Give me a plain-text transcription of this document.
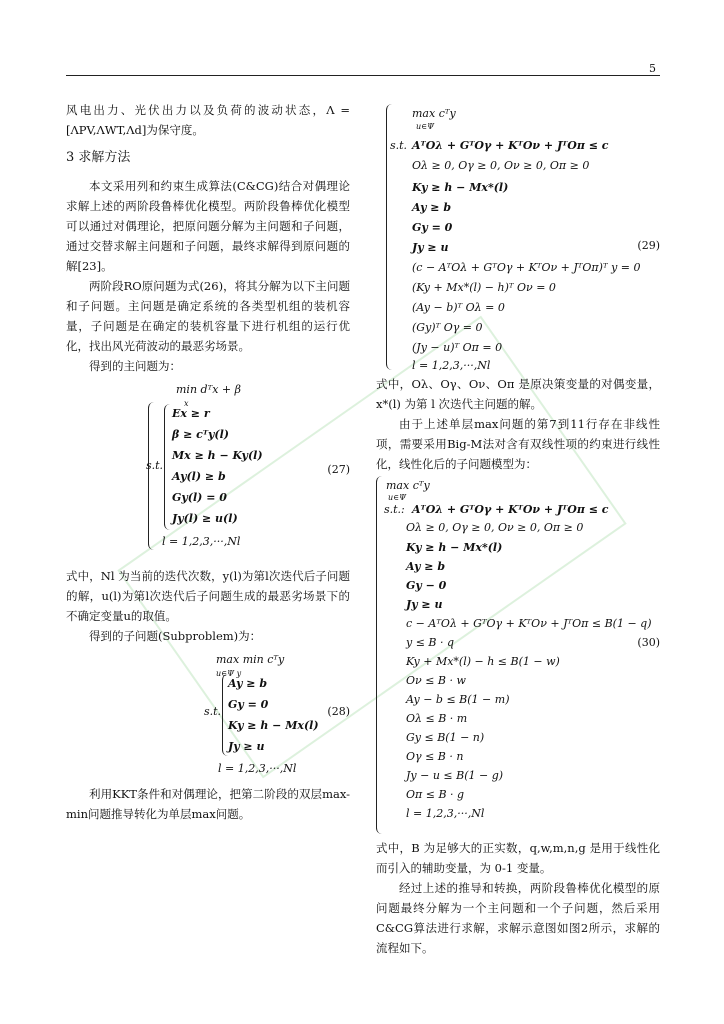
5

风电出力、光伏出力以及负荷的波动状态，Λ = [ΛPV,ΛWT,Λd]为保守度。

3 求解方法

本文采用列和约束生成算法(C&CG)结合对偶理论求解上述的两阶段鲁棒优化模型。两阶段鲁棒优化模型可以通过对偶理论，把原问题分解为主问题和子问题，通过交替求解主问题和子问题，最终求解得到原问题的解[23]。

两阶段RO原问题为式(26)，将其分解为以下主问题和子问题。主问题是确定系统的各类型机组的装机容量，子问题是在确定的装机容量下进行机组的运行优化，找出风光荷波动的最恶劣场景。

得到的主问题为：

min dᵀx + β
x
s.t.
Ex ≥ r
β ≥ cᵀy(l)
Mx ≥ h − Ky(l)
Ay(l) ≥ b
Gy(l) = 0
Jy(l) ≥ u(l)
l = 1,2,3,···,Nl
(27)

式中，Nl 为当前的迭代次数，y(l)为第l次迭代后子问题的解，u(l)为第l次迭代后子问题生成的最恶劣场景下的不确定变量u的取值。

得到的子问题(Subproblem)为：

max min cᵀy
u∈Ψ y
s.t.
Ay ≥ b
Gy = 0
Ky ≥ h − Mx(l)
Jy ≥ u
l = 1,2,3,···,Nl
(28)

利用KKT条件和对偶理论，把第二阶段的双层max-min问题推导转化为单层max问题。

max cᵀy
u∈Ψ
s.t. AᵀOλ + GᵀOγ + KᵀOν + JᵀOπ ≤ c
Oλ ≥ 0, Oγ ≥ 0, Oν ≥ 0, Oπ ≥ 0
Ky ≥ h − Mx*(l)
Ay ≥ b
Gy = 0
Jy ≥ u
(c − AᵀOλ + GᵀOγ + KᵀOν + JᵀOπ)ᵀ y = 0
(Ky + Mx*(l) − h)ᵀ Oν = 0
(Ay − b)ᵀ Oλ = 0
(Gy)ᵀ Oγ = 0
(Jy − u)ᵀ Oπ = 0
l = 1,2,3,···,Nl
(29)

式中，Oλ、Oγ、Oν、Oπ 是原决策变量的对偶变量，x*(l) 为第 l 次迭代主问题的解。

由于上述单层max问题的第7到11行存在非线性项，需要采用Big-M法对含有双线性项的约束进行线性化，线性化后的子问题模型为：

max cᵀy
u∈Ψ
s.t.: AᵀOλ + GᵀOγ + KᵀOν + JᵀOπ ≤ c
Oλ ≥ 0, Oγ ≥ 0, Oν ≥ 0, Oπ ≥ 0
Ky ≥ h − Mx*(l)
Ay ≥ b
Gy − 0
Jy ≥ u
c − AᵀOλ + GᵀOγ + KᵀOν + JᵀOπ ≤ B(1 − q)
y ≤ B · q
Ky + Mx*(l) − h ≤ B(1 − w)
Oν ≤ B · w
Ay − b ≤ B(1 − m)
Oλ ≤ B · m
Gy ≤ B(1 − n)
Oγ ≤ B · n
Jy − u ≤ B(1 − g)
Oπ ≤ B · g
l = 1,2,3,···,Nl
(30)

式中，B 为足够大的正实数，q,w,m,n,g 是用于线性化而引入的辅助变量，为 0-1 变量。

经过上述的推导和转换，两阶段鲁棒优化模型的原问题最终分解为一个主问题和一个子问题，然后采用C&CG算法进行求解，求解示意图如图2所示，求解的流程如下。
